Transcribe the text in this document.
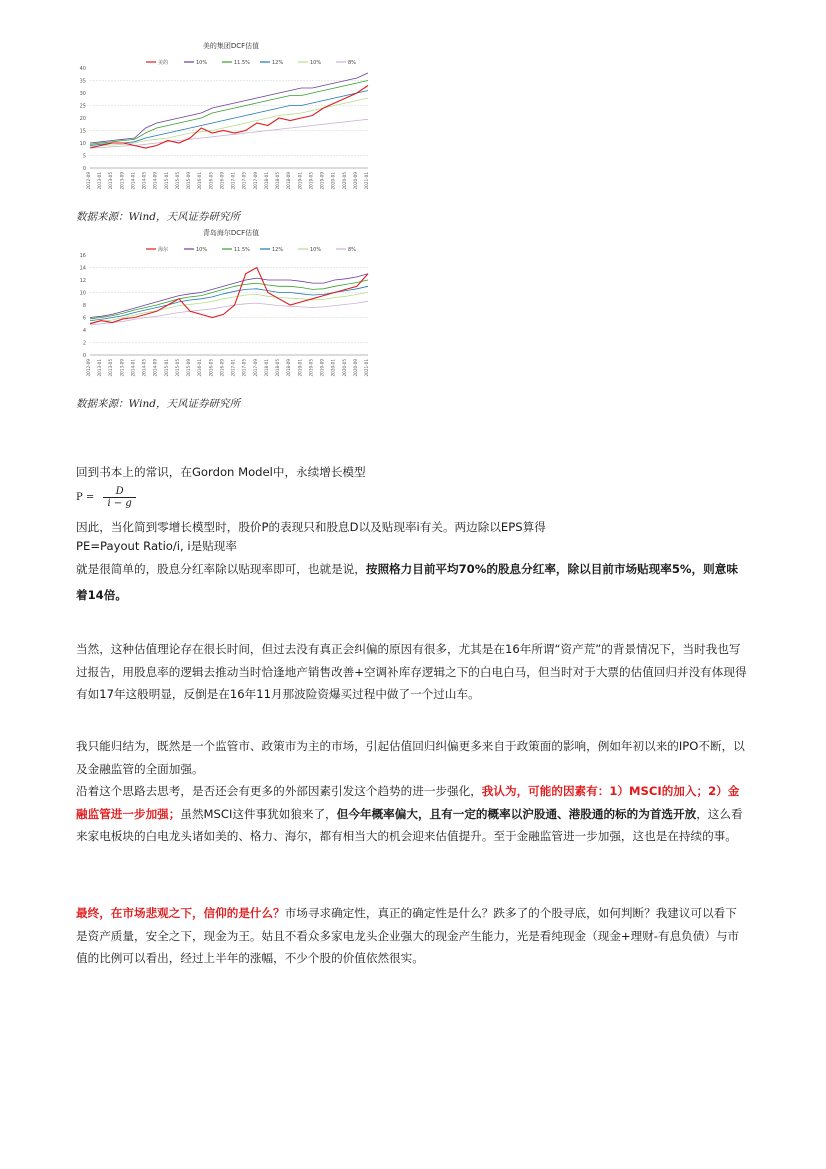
美的集团DCF估值
美的	10%	11.5%	12%	10%	8%
40
35
30
25
20
15
10
5
0
2012-09 2013-01 2013-05 2013-09 2014-01 2014-05 2014-09 2015-01 2015-05 2015-09 2016-01 2016-05 2016-09 2017-01 2017-05 2017-09 2018-01 2018-05 2018-09 2019-01 2019-05 2019-09 2020-01 2020-05 2020-09 2021-01
数据来源：Wind，天风证券研究所
青岛海尔DCF估值
海尔	10%	11.5%	12%	10%	8%
16
14
12
10
8
6
4
2
0
2012-09 2013-01 2013-05 2013-09 2014-01 2014-05 2014-09 2015-01 2015-05 2015-09 2016-01 2016-05 2016-09 2017-01 2017-05 2017-09 2018-01 2018-05 2018-09 2019-01 2019-05 2019-09 2020-01 2020-05 2020-09 2021-01
数据来源：Wind，天风证券研究所

回到书本上的常识，在Gordon Model中，永续增长模型

$P = \frac{D}{i - g}$

因此，当化简到零增长模型时，股价P的表现只和股息D以及贴现率i有关。两边除以EPS算得

PE=Payout Ratio/i, i是贴现率

就是很简单的，股息分红率除以贴现率即可，也就是说，按照格力目前平均70%的股息分红率，除以目前市场贴现率5%，则意味着14倍。

当然，这种估值理论存在很长时间，但过去没有真正会纠偏的原因有很多，尤其是在16年所谓“资产荒”的背景情况下，当时我也写过报告，用股息率的逻辑去推动当时恰逢地产销售改善+空调补库存逻辑之下的白电白马，但当时对于大票的估值回归并没有体现得有如17年这般明显，反倒是在16年11月那波险资爆买过程中做了一个过山车。

我只能归结为，既然是一个监管市、政策市为主的市场，引起估值回归纠偏更多来自于政策面的影响，例如年初以来的IPO不断，以及金融监管的全面加强。

沿着这个思路去思考，是否还会有更多的外部因素引发这个趋势的进一步强化，我认为，可能的因素有：1）MSCI的加入；2）金融监管进一步加强；虽然MSCI这件事犹如狼来了，但今年概率偏大，且有一定的概率以沪股通、港股通的标的为首选开放，这么看来家电板块的白电龙头诸如美的、格力、海尔，都有相当大的机会迎来估值提升。至于金融监管进一步加强，这也是在持续的事。

最终，在市场悲观之下，信仰的是什么？市场寻求确定性，真正的确定性是什么？跌多了的个股寻底，如何判断？我建议可以看下是资产质量，安全之下，现金为王。姑且不看众多家电龙头企业强大的现金产生能力，光是看纯现金（现金+理财-有息负债）与市值的比例可以看出，经过上半年的涨幅，不少个股的价值依然很实。
